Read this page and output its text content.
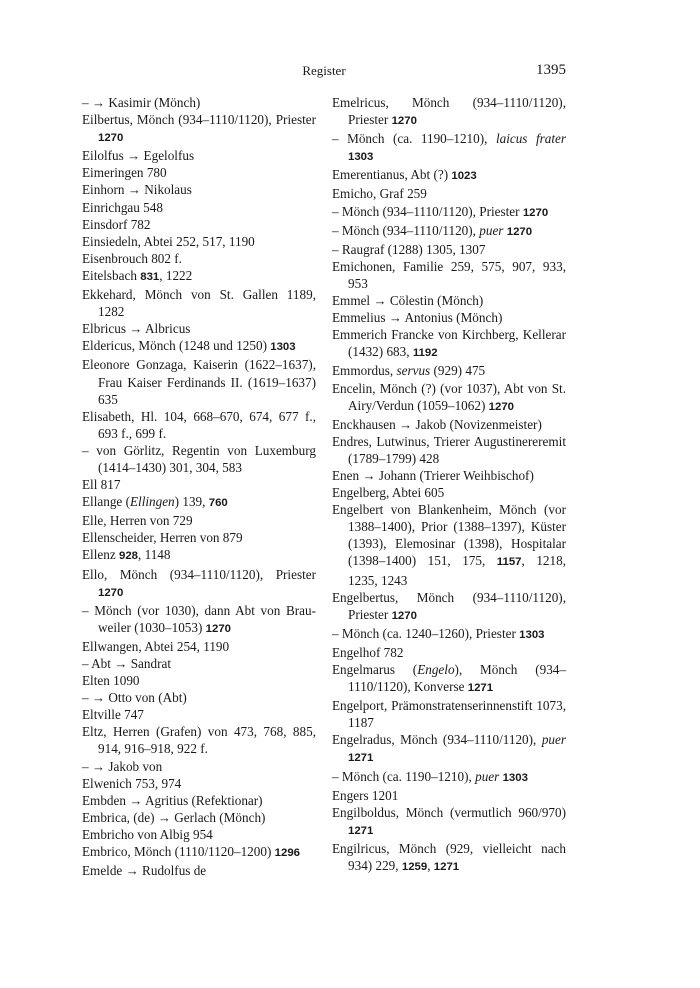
Register	1395
– → Kasimir (Mönch)
Eilbertus, Mönch (934–1110/1120), Priester 1270
Eilolfus → Egelolfus
Eimeringen 780
Einhorn → Nikolaus
Einrichgau 548
Einsdorf 782
Einsiedeln, Abtei 252, 517, 1190
Eisenbrouch 802 f.
Eitelsbach 831, 1222
Ekkehard, Mönch von St. Gallen 1189, 1282
Elbricus → Albricus
Eldericus, Mönch (1248 und 1250) 1303
Eleonore Gonzaga, Kaiserin (1622–1637), Frau Kaiser Ferdinands II. (1619–1637) 635
Elisabeth, Hl. 104, 668–670, 674, 677 f., 693 f., 699 f.
– von Görlitz, Regentin von Luxemburg (1414–1430) 301, 304, 583
Ell 817
Ellange (Ellingen) 139, 760
Elle, Herren von 729
Ellenscheider, Herren von 879
Ellenz 928, 1148
Ello, Mönch (934–1110/1120), Priester 1270
– Mönch (vor 1030), dann Abt von Brauweiler (1030–1053) 1270
Ellwangen, Abtei 254, 1190
– Abt → Sandrat
Elten 1090
– → Otto von (Abt)
Eltville 747
Eltz, Herren (Grafen) von 473, 768, 885, 914, 916–918, 922 f.
– → Jakob von
Elwenich 753, 974
Embden → Agritius (Refektionar)
Embrica, (de) → Gerlach (Mönch)
Embricho von Albig 954
Embrico, Mönch (1110/1120–1200) 1296
Emelde → Rudolfus de
Emelricus, Mönch (934–1110/1120), Priester 1270
– Mönch (ca. 1190–1210), laicus frater 1303
Emerentianus, Abt (?) 1023
Emicho, Graf 259
– Mönch (934–1110/1120), Priester 1270
– Mönch (934–1110/1120), puer 1270
– Raugraf (1288) 1305, 1307
Emichonen, Familie 259, 575, 907, 933, 953
Emmel → Cölestin (Mönch)
Emmelius → Antonius (Mönch)
Emmerich Francke von Kirchberg, Kellerar (1432) 683, 1192
Emmordus, servus (929) 475
Encelin, Mönch (?) (vor 1037), Abt von St. Airy/Verdun (1059–1062) 1270
Enckhausen → Jakob (Novizenmeister)
Endres, Lutwinus, Trierer Augustinereremit (1789–1799) 428
Enen → Johann (Trierer Weihbischof)
Engelberg, Abtei 605
Engelbert von Blankenheim, Mönch (vor 1388–1400), Prior (1388–1397), Küster (1393), Elemosinar (1398), Hospitalar (1398–1400) 151, 175, 1157, 1218, 1235, 1243
Engelbertus, Mönch (934–1110/1120), Priester 1270
– Mönch (ca. 1240–1260), Priester 1303
Engelhof 782
Engelmarus (Engelo), Mönch (934–1110/1120), Konverse 1271
Engelport, Prämonstratenserinnenstift 1073, 1187
Engelradus, Mönch (934–1110/1120), puer 1271
– Mönch (ca. 1190–1210), puer 1303
Engers 1201
Engilboldus, Mönch (vermutlich 960/970) 1271
Engilricus, Mönch (929, vielleicht nach 934) 229, 1259, 1271
